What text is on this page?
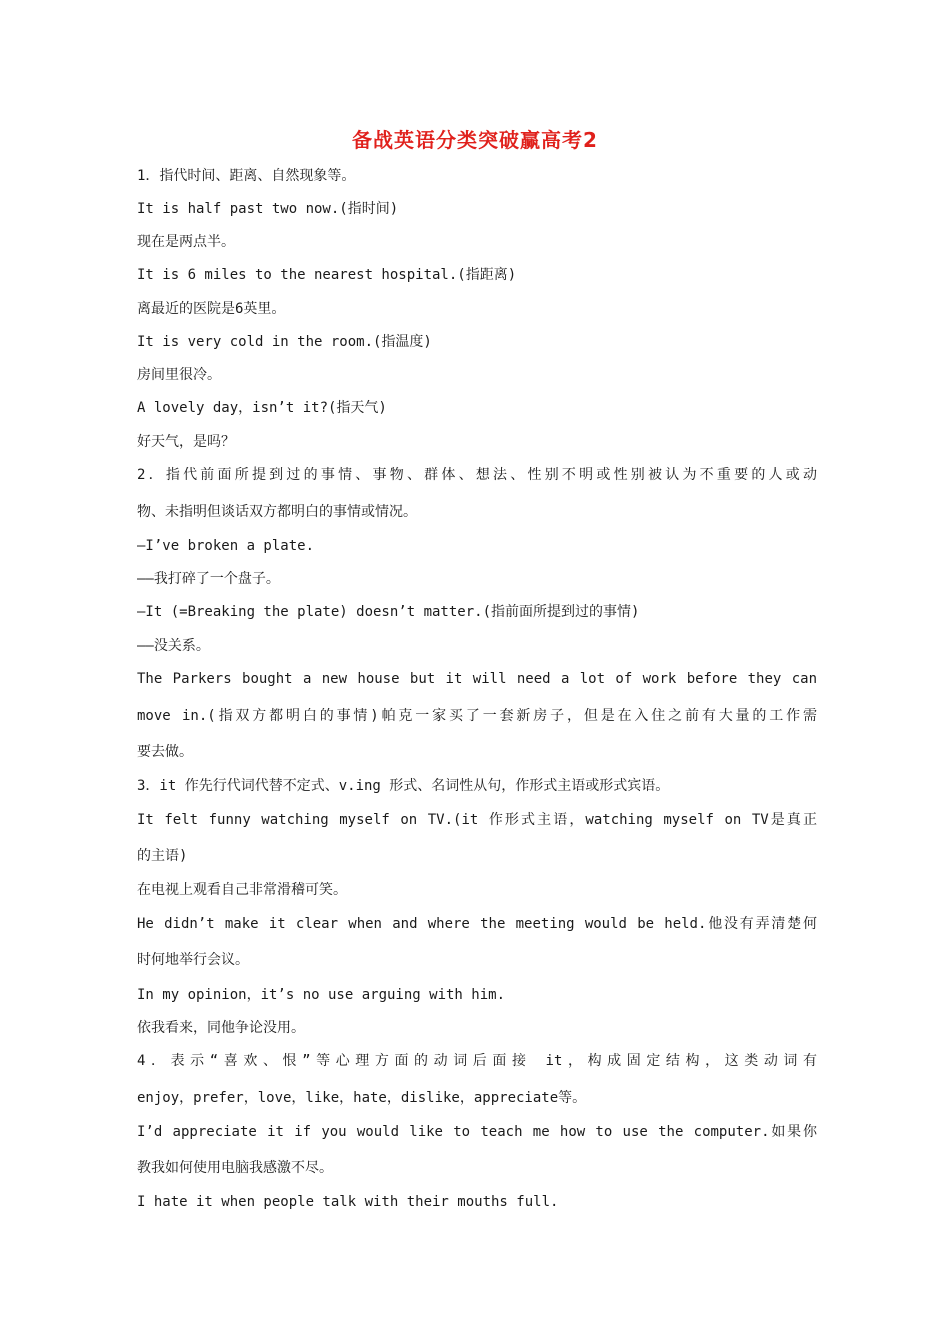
备战英语分类突破赢高考2
1．指代时间、距离、自然现象等。
It is half past two now.(指时间)
现在是两点半。
It is 6 miles to the nearest hospital.(指距离)
离最近的医院是6英里。
It is very cold in the room.(指温度)
房间里很冷。
A lovely day，isn’t it?(指天气)
好天气，是吗？
2．指代前面所提到过的事情、事物、群体、想法、性别不明或性别被认为不重要的人或动
物、未指明但谈话双方都明白的事情或情况。
—I’ve broken a plate.
——我打碎了一个盘子。
—It (=Breaking the plate) doesn’t matter.(指前面所提到过的事情)
——没关系。
The Parkers bought a new house but it will need a lot of work before they can
move in.(指双方都明白的事情)帕克一家买了一套新房子，但是在入住之前有大量的工作需
要去做。
3．it 作先行代词代替不定式、v.ing 形式、名词性从句，作形式主语或形式宾语。
It felt funny watching myself on TV.(it 作形式主语，watching myself on TV是真正
的主语)
在电视上观看自己非常滑稽可笑。
He didn’t make it clear when and where the meeting would be held.他没有弄清楚何
时何地举行会议。
In my opinion，it’s no use arguing with him.
依我看来，同他争论没用。
4．表示“喜欢、恨”等心理方面的动词后面接 it，构成固定结构，这类动词有
enjoy，prefer，love，like，hate，dislike，appreciate等。
I’d appreciate it if you would like to teach me how to use the computer.如果你
教我如何使用电脑我感激不尽。
I hate it when people talk with their mouths full.
